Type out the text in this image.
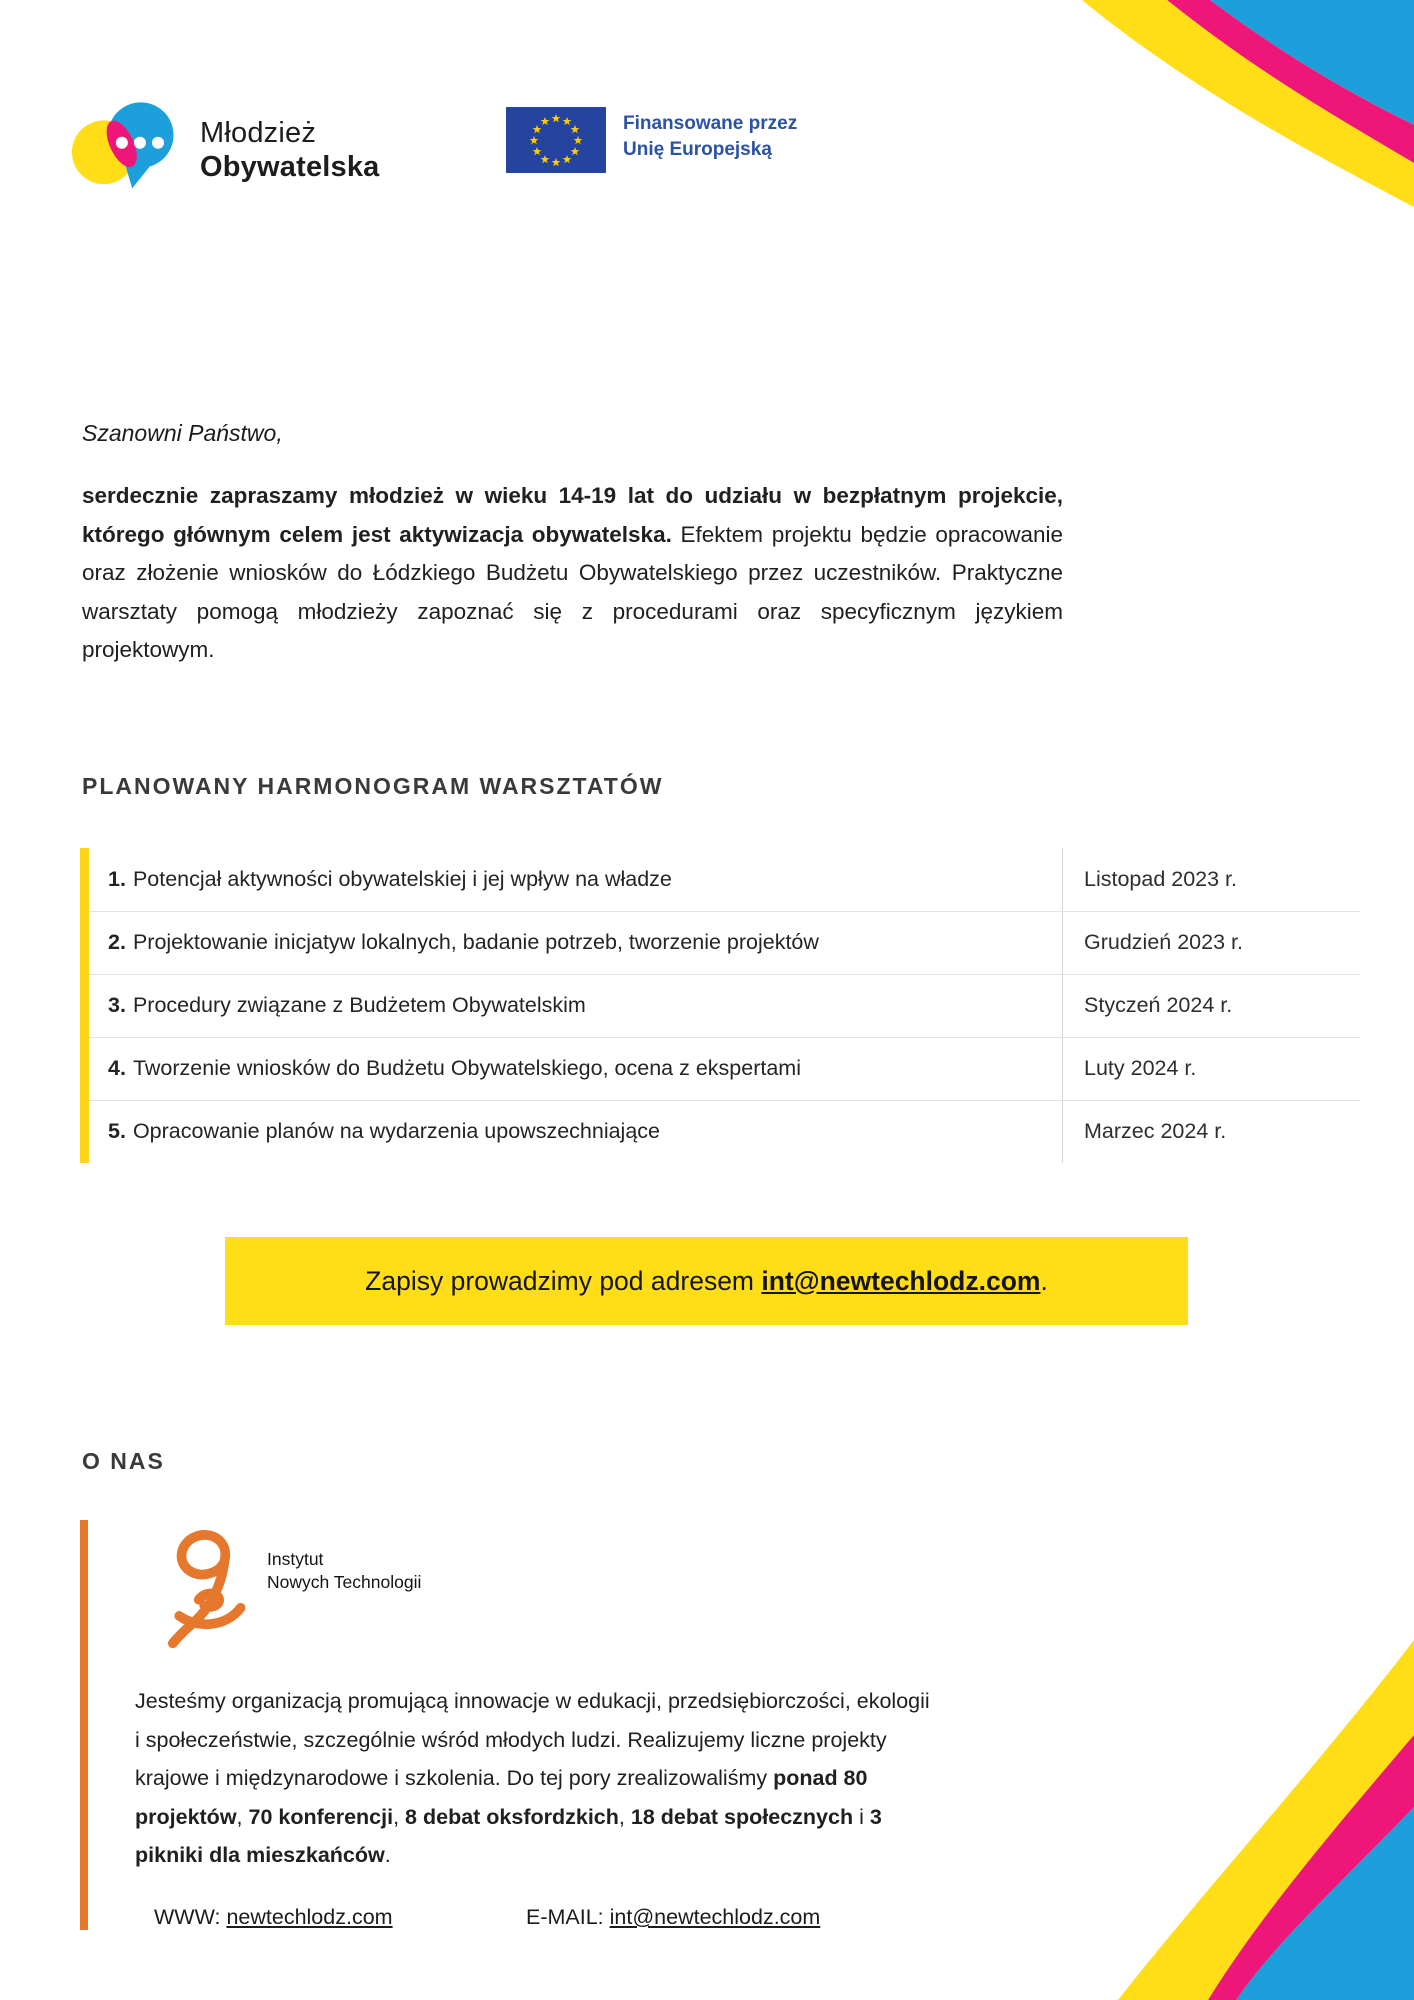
Młodzież
Obywatelska
Finansowane przez
Unię Europejską
Szanowni Państwo,
serdecznie zapraszamy młodzież w wieku 14-19 lat do udziału w bezpłatnym projekcie, którego głównym celem jest aktywizacja obywatelska. Efektem projektu będzie opracowanie oraz złożenie wniosków do Łódzkiego Budżetu Obywatelskiego przez uczestników. Praktyczne warsztaty pomogą młodzieży zapoznać się z procedurami oraz specyficznym językiem projektowym.
PLANOWANY HARMONOGRAM WARSZTATÓW
1. Potencjał aktywności obywatelskiej i jej wpływ na władze	Listopad 2023 r.
2. Projektowanie inicjatyw lokalnych, badanie potrzeb, tworzenie projektów	Grudzień 2023 r.
3. Procedury związane z Budżetem Obywatelskim	Styczeń 2024 r.
4. Tworzenie wniosków do Budżetu Obywatelskiego, ocena z ekspertami	Luty 2024 r.
5. Opracowanie planów na wydarzenia upowszechniające	Marzec 2024 r.
Zapisy prowadzimy pod adresem int@newtechlodz.com.
O NAS
Instytut
Nowych Technologii
Jesteśmy organizacją promującą innowacje w edukacji, przedsiębiorczości, ekologii i społeczeństwie, szczególnie wśród młodych ludzi. Realizujemy liczne projekty krajowe i międzynarodowe i szkolenia. Do tej pory zrealizowaliśmy ponad 80 projektów, 70 konferencji, 8 debat oksfordzkich, 18 debat społecznych i 3 pikniki dla mieszkańców.
WWW: newtechlodz.com	E-MAIL: int@newtechlodz.com
